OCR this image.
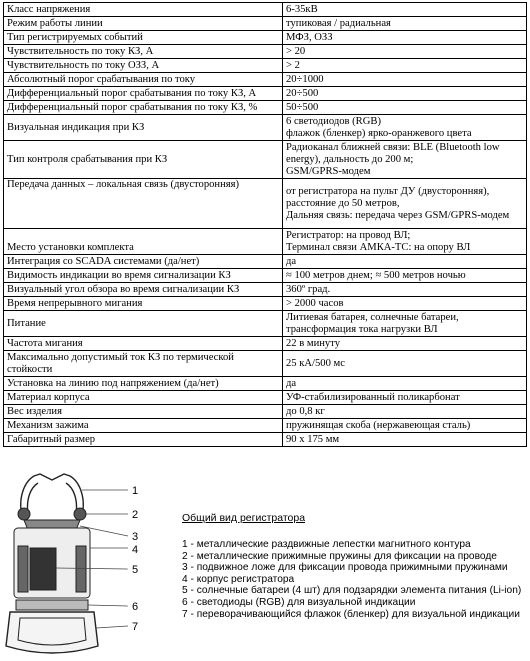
Класс напряжения	6-35кВ
Режим работы линии	тупиковая / радиальная
Тип регистрируемых событий	МФЗ, ОЗЗ
Чувствительность по току КЗ, А	> 20
Чувствительность по току ОЗЗ, А	> 2
Абсолютный порог срабатывания по току	20÷1000
Дифференциальный порог срабатывания по току КЗ, А	20÷500
Дифференциальный порог срабатывания по току КЗ, %	50÷500
Визуальная индикация при КЗ	6 светодиодов (RGB)
флажок (бленкер) ярко-оранжевого цвета
Тип контроля срабатывания при КЗ	Радиоканал ближней связи: BLE (Bluetooth low energy), дальность до 200 м;
GSM/GPRS-модем
Передача данных – локальная связь (двусторонняя)	от регистратора на пульт ДУ (двусторонняя), расстояние до 50 метров,
Дальняя связь: передача через GSM/GPRS-модем
Место установки комплекта	Регистратор: на провод ВЛ;
Терминал связи АМКА-ТС: на опору ВЛ
Интеграция со SCADA системами (да/нет)	да
Видимость индикации во время сигнализации КЗ	≈ 100 метров днем; ≈ 500 метров ночью
Визуальный угол обзора во время сигнализации КЗ	360º град.
Время непрерывного мигания	> 2000 часов
Питание	Литиевая батарея, солнечные батареи, трансформация тока нагрузки ВЛ
Частота мигания	22 в минуту
Максимально допустимый ток КЗ по термической стойкости	25 кА/500 мс
Установка на линию под напряжением (да/нет)	да
Материал корпуса	УФ-стабилизированный поликарбонат
Вес изделия	до 0,8 кг
Механизм зажима	пружинящая скоба (нержавеющая сталь)
Габаритный размер	90 x 175 мм
1
2
3
4
5
6
7
Общий вид регистратора
1 - металлические раздвижные лепестки магнитного контура
2 - металлические прижимные пружины для фиксации на проводе
3 - подвижное ложе для фиксации провода прижимными пружинами
4 - корпус регистратора
5 - солнечные батареи (4 шт) для подзарядки элемента питания (Li-ion)
6 - светодиоды (RGB) для визуальной индикации
7 - переворачивающийся флажок (бленкер) для визуальной индикации
